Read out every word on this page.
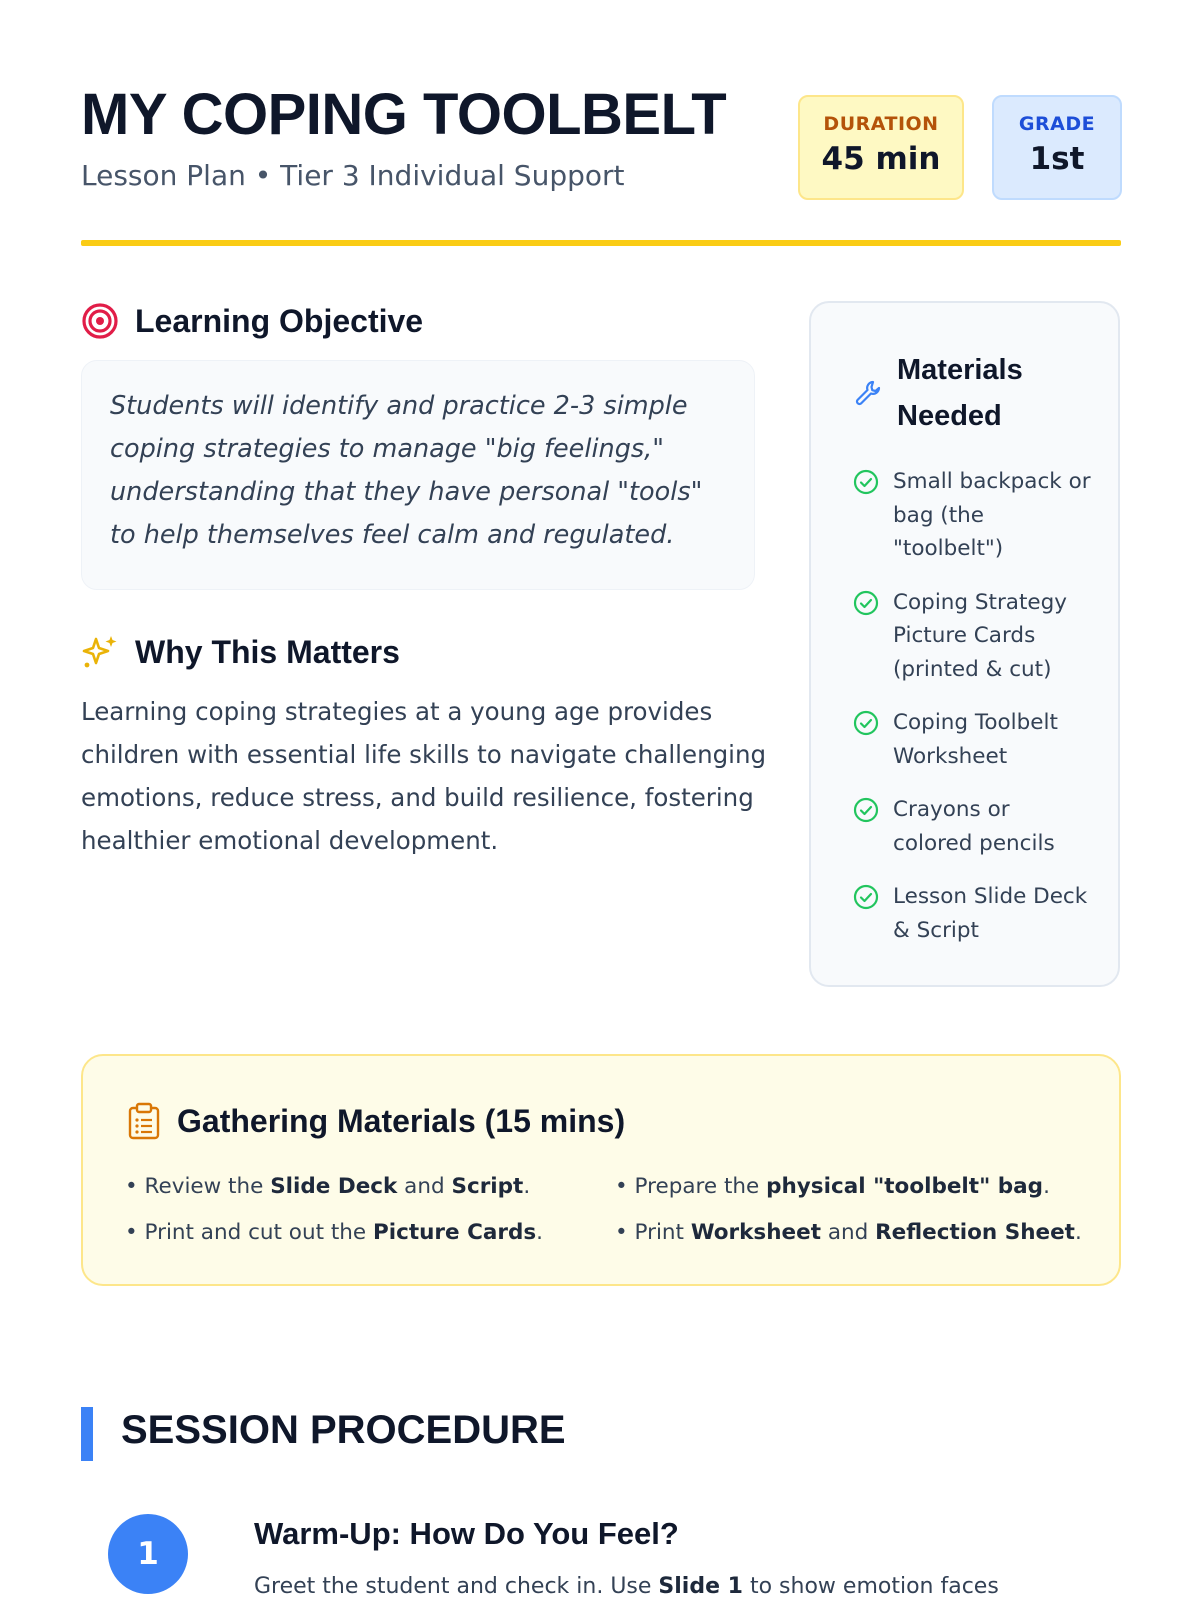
MY COPING TOOLBELT
Lesson Plan • Tier 3 Individual Support
DURATION
45 min
GRADE
1st
Learning Objective

Students will identify and practice 2-3 simple coping strategies to manage "big feelings," understanding that they have personal "tools" to help themselves feel calm and regulated.

Why This Matters
Learning coping strategies at a young age provides children with essential life skills to navigate challenging emotions, reduce stress, and build resilience, fostering healthier emotional development.
Materials Needed
Small backpack or bag (the "toolbelt")
Coping Strategy Picture Cards (printed & cut)
Coping Toolbelt Worksheet
Crayons or colored pencils
Lesson Slide Deck & Script
Gathering Materials (15 mins)
• Review the Slide Deck and Script.
• Print and cut out the Picture Cards.
• Prepare the physical "toolbelt" bag.
• Print Worksheet and Reflection Sheet.
SESSION PROCEDURE
1
Warm-Up: How Do You Feel?
Greet the student and check in. Use Slide 1 to show emotion faces
